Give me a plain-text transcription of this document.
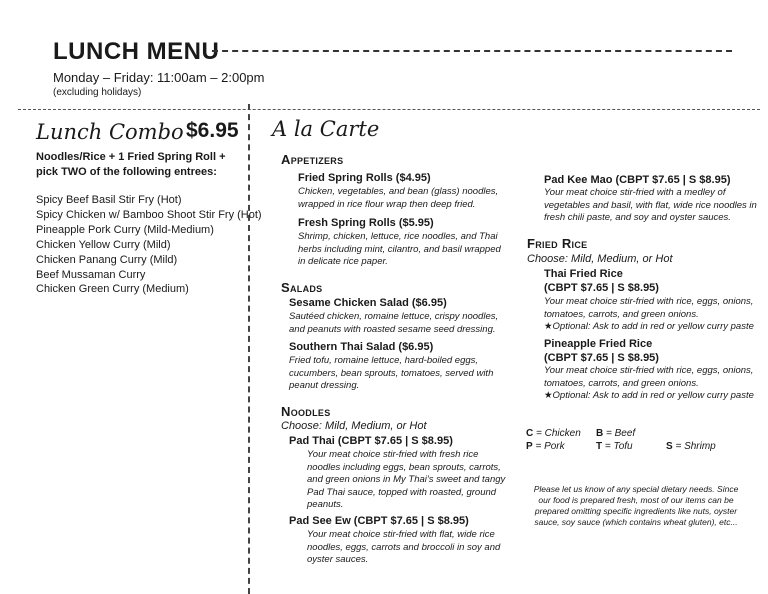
LUNCH MENU
Monday – Friday: 11:00am – 2:00pm
(excluding holidays)
Lunch Combo $6.95
Noodles/Rice + 1 Fried Spring Roll +
pick TWO of the following entrees:
Spicy Beef Basil Stir Fry (Hot)
Spicy Chicken w/ Bamboo Shoot Stir Fry (Hot)
Pineapple Pork Curry (Mild-Medium)
Chicken Yellow Curry (Mild)
Chicken Panang Curry (Mild)
Beef Mussaman Curry
Chicken Green Curry (Medium)
A la Carte
Appetizers
Fried Spring Rolls ($4.95)
Chicken, vegetables, and bean (glass) noodles,
wrapped in rice flour wrap then deep fried.
Fresh Spring Rolls ($5.95)
Shrimp, chicken, lettuce, rice noodles, and Thai
herbs including mint, cilantro, and basil wrapped
in delicate rice paper.
Salads
Sesame Chicken Salad ($6.95)
Sautéed chicken, romaine lettuce, crispy noodles,
and peanuts with roasted sesame seed dressing.
Southern Thai Salad ($6.95)
Fried tofu, romaine lettuce, hard-boiled eggs,
cucumbers, bean sprouts, tomatoes, served with
peanut dressing.
Noodles
Choose: Mild, Medium, or Hot
Pad Thai (CBPT $7.65 | S $8.95)
Your meat choice stir-fried with fresh rice
noodles including eggs, bean sprouts, carrots,
and green onions in My Thai's sweet and tangy
Pad Thai sauce, topped with roasted, ground
peanuts.
Pad See Ew (CBPT $7.65 | S $8.95)
Your meat choice stir-fried with flat, wide rice
noodles, eggs, carrots and broccoli in soy and
oyster sauces.
Pad Kee Mao (CBPT $7.65 | S $8.95)
Your meat choice stir-fried with a medley of
vegetables and basil, with flat, wide rice noodles in
fresh chili paste, and soy and oyster sauces.
Fried Rice
Choose: Mild, Medium, or Hot
Thai Fried Rice
(CBPT $7.65 | S $8.95)
Your meat choice stir-fried with rice, eggs, onions,
tomatoes, carrots, and green onions.
★Optional: Ask to add in red or yellow curry paste
Pineapple Fried Rice
(CBPT $7.65 | S $8.95)
Your meat choice stir-fried with rice, eggs, onions,
tomatoes, carrots, and green onions.
★Optional: Ask to add in red or yellow curry paste
C = Chicken B = Beef
P = Pork	T = Tofu	S = Shrimp
Please let us know of any special dietary needs. Since our food is prepared fresh, most of our items can be prepared omitting specific ingredients like nuts, oyster sauce, soy sauce (which contains wheat gluten), etc...
